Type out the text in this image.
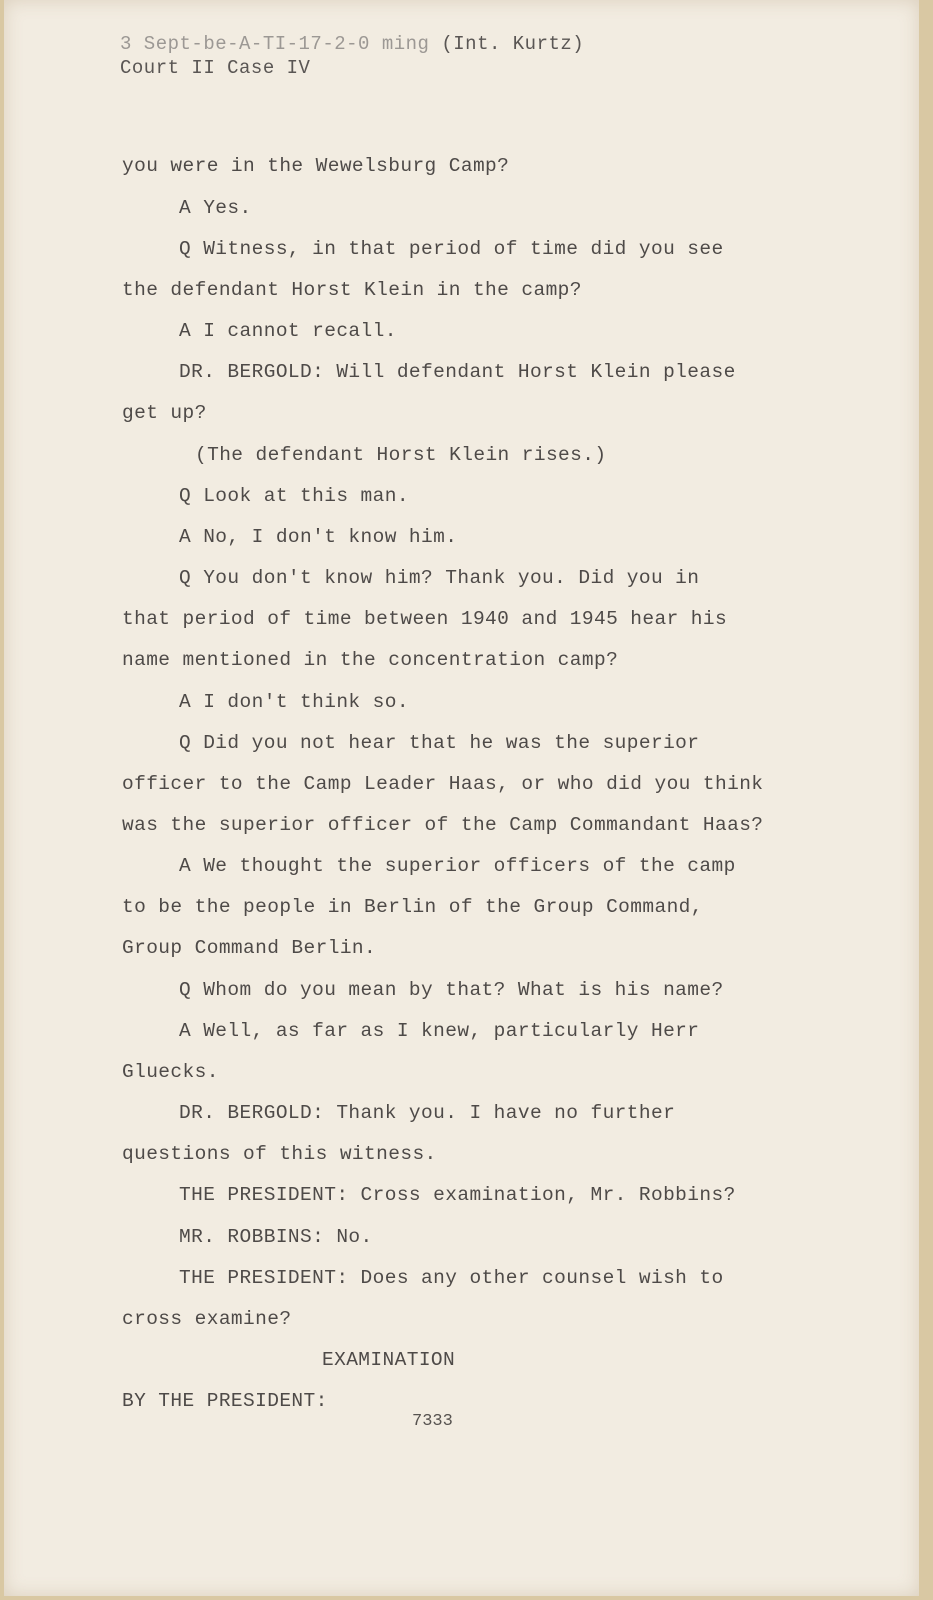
3 Sept-be-A-TI-17-2-0 ming (Int. Kurtz)
Court II Case IV
you were in the Wewelsburg Camp?
A Yes.
Q Witness, in that period of time did you see
the defendant Horst Klein in the camp?
A I cannot recall.
DR. BERGOLD: Will defendant Horst Klein please
get up?
(The defendant Horst Klein rises.)
Q Look at this man.
A No, I don't know him.
Q You don't know him? Thank you. Did you in
that period of time between 1940 and 1945 hear his
name mentioned in the concentration camp?
A I don't think so.
Q Did you not hear that he was the superior
officer to the Camp Leader Haas, or who did you think
was the superior officer of the Camp Commandant Haas?
A We thought the superior officers of the camp
to be the people in Berlin of the Group Command,
Group Command Berlin.
Q Whom do you mean by that? What is his name?
A Well, as far as I knew, particularly Herr
Gluecks.
DR. BERGOLD: Thank you. I have no further
questions of this witness.
THE PRESIDENT: Cross examination, Mr. Robbins?
MR. ROBBINS: No.
THE PRESIDENT: Does any other counsel wish to
cross examine?
EXAMINATION
BY THE PRESIDENT:
7333
